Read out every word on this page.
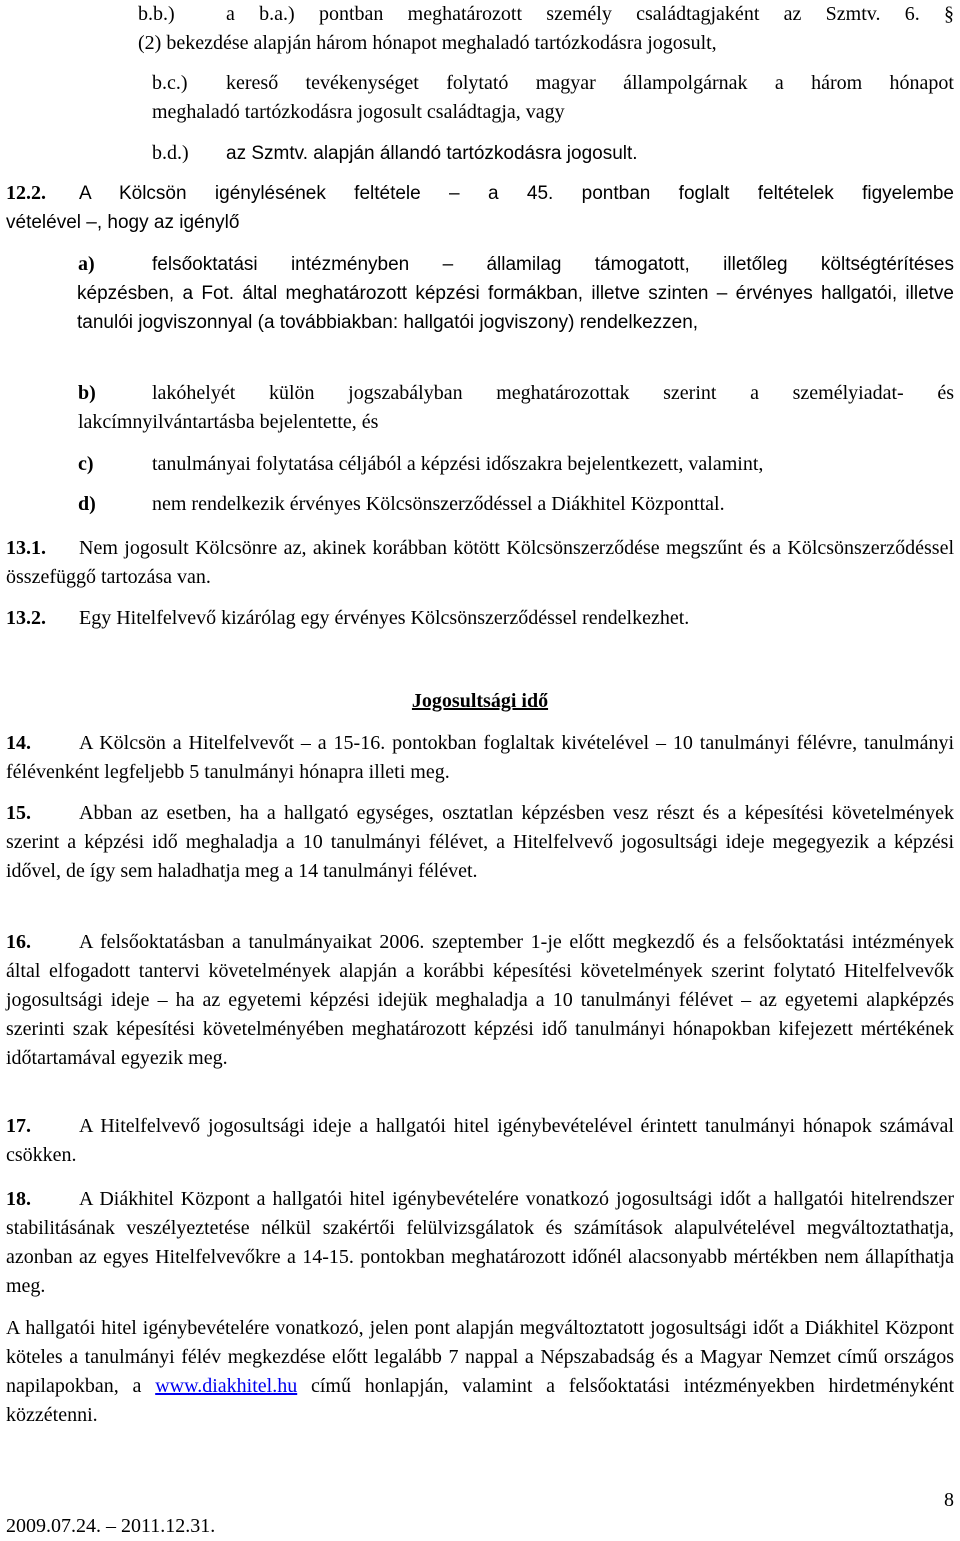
b.b.)	a b.a.) pontban meghatározott személy családtagjaként az Szmtv. 6. §
(2) bekezdése alapján három hónapot meghaladó tartózkodásra jogosult,
b.c.) kereső tevékenységet folytató magyar állampolgárnak a három hónapot
meghaladó tartózkodásra jogosult családtagja, vagy
b.d.) az Szmtv. alapján állandó tartózkodásra jogosult.
12.2. A Kölcsön igénylésének feltétele – a 45. pontban foglalt feltételek figyelembe
vételével –, hogy az igénylő
a)	felsőoktatási intézményben – államilag támogatott, illetőleg költségtérítéses
képzésben, a Fot. által meghatározott képzési formákban, illetve szinten – érvényes hallgatói, illetve tanulói jogviszonnyal (a továbbiakban: hallgatói jogviszony) rendelkezzen,
b)	lakóhelyét külön jogszabályban meghatározottak szerint a személyiadat- és
lakcímnyilvántartásba bejelentette, és
c)	tanulmányai folytatása céljából a képzési időszakra bejelentkezett, valamint,
d)	nem rendelkezik érvényes Kölcsönszerződéssel a Diákhitel Központtal.
13.1. Nem jogosult Kölcsönre az, akinek korábban kötött Kölcsönszerződése megszűnt és a Kölcsönszerződéssel összefüggő tartozása van.
13.2. Egy Hitelfelvevő kizárólag egy érvényes Kölcsönszerződéssel rendelkezhet.
Jogosultsági idő
14. A Kölcsön a Hitelfelvevőt – a 15-16. pontokban foglaltak kivételével – 10 tanulmányi félévre, tanulmányi félévenként legfeljebb 5 tanulmányi hónapra illeti meg.
15. Abban az esetben, ha a hallgató egységes, osztatlan képzésben vesz részt és a képesítési követelmények szerint a képzési idő meghaladja a 10 tanulmányi félévet, a Hitelfelvevő jogosultsági ideje megegyezik a képzési idővel, de így sem haladhatja meg a 14 tanulmányi félévet.
16. A felsőoktatásban a tanulmányaikat 2006. szeptember 1-je előtt megkezdő és a felsőoktatási intézmények által elfogadott tantervi követelmények alapján a korábbi képesítési követelmények szerint folytató Hitelfelvevők jogosultsági ideje – ha az egyetemi képzési idejük meghaladja a 10 tanulmányi félévet – az egyetemi alapképzés szerinti szak képesítési követelményében meghatározott képzési idő tanulmányi hónapokban kifejezett mértékének időtartamával egyezik meg.
17. A Hitelfelvevő jogosultsági ideje a hallgatói hitel igénybevételével érintett tanulmányi hónapok számával csökken.
18. A Diákhitel Központ a hallgatói hitel igénybevételére vonatkozó jogosultsági időt a hallgatói hitelrendszer stabilitásának veszélyeztetése nélkül szakértői felülvizsgálatok és számítások alapulvételével megváltoztathatja, azonban az egyes Hitelfelvevőkre a 14-15. pontokban meghatározott időnél alacsonyabb mértékben nem állapíthatja meg.
A hallgatói hitel igénybevételére vonatkozó, jelen pont alapján megváltoztatott jogosultsági időt a Diákhitel Központ köteles a tanulmányi félév megkezdése előtt legalább 7 nappal a Népszabadság és a Magyar Nemzet című országos napilapokban, a www.diakhitel.hu című honlapján, valamint a felsőoktatási intézményekben hirdetményként közzétenni.
2009.07.24. – 2011.12.31.
8
